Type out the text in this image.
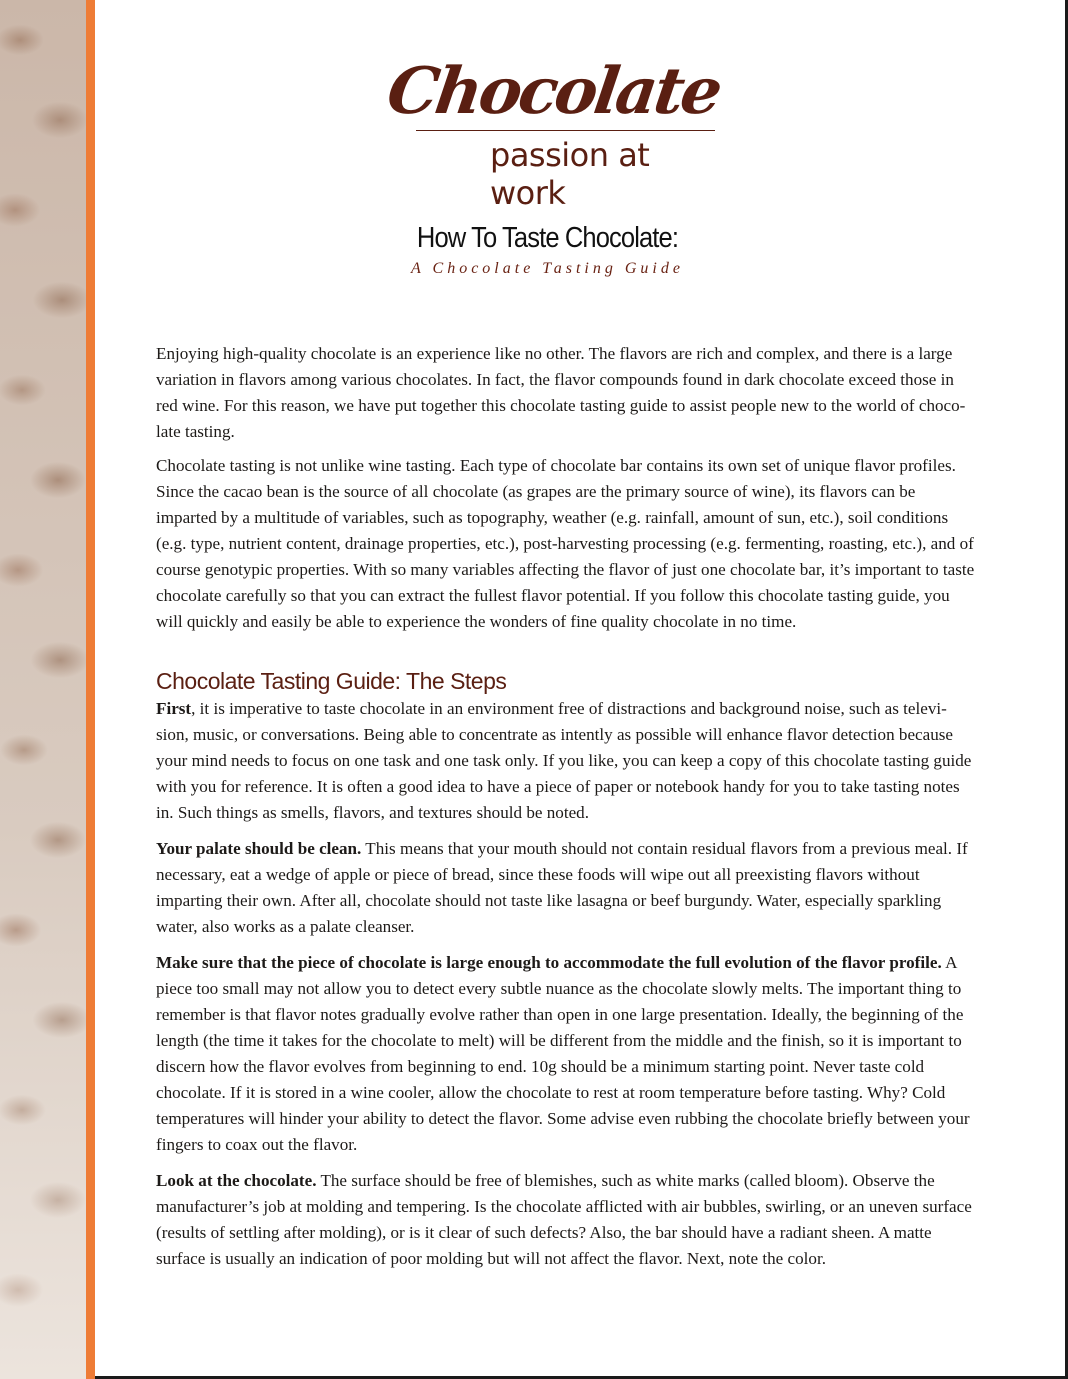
Chocolate
passion at work
How To Taste Chocolate:
A Chocolate Tasting Guide

Enjoying high-quality chocolate is an experience like no other. The flavors are rich and complex, and there is a large variation in flavors among various chocolates. In fact, the flavor compounds found in dark chocolate exceed those in red wine. For this reason, we have put together this chocolate tasting guide to assist people new to the world of choco-late tasting.

Chocolate tasting is not unlike wine tasting. Each type of chocolate bar contains its own set of unique flavor profiles. Since the cacao bean is the source of all chocolate (as grapes are the primary source of wine), its flavors can be imparted by a multitude of variables, such as topography, weather (e.g. rainfall, amount of sun, etc.), soil conditions (e.g. type, nutrient content, drainage properties, etc.), post-harvesting processing (e.g. fermenting, roasting, etc.), and of course genotypic properties. With so many variables affecting the flavor of just one chocolate bar, it’s important to taste chocolate carefully so that you can extract the fullest flavor potential. If you follow this chocolate tasting guide, you will quickly and easily be able to experience the wonders of fine quality chocolate in no time.

Chocolate Tasting Guide: The Steps

First, it is imperative to taste chocolate in an environment free of distractions and background noise, such as televi-sion, music, or conversations. Being able to concentrate as intently as possible will enhance flavor detection because your mind needs to focus on one task and one task only. If you like, you can keep a copy of this chocolate tasting guide with you for reference. It is often a good idea to have a piece of paper or notebook handy for you to take tasting notes in. Such things as smells, flavors, and textures should be noted.

Your palate should be clean. This means that your mouth should not contain residual flavors from a previous meal. If necessary, eat a wedge of apple or piece of bread, since these foods will wipe out all preexisting flavors without imparting their own. After all, chocolate should not taste like lasagna or beef burgundy. Water, especially sparkling water, also works as a palate cleanser.

Make sure that the piece of chocolate is large enough to accommodate the full evolution of the flavor profile. A piece too small may not allow you to detect every subtle nuance as the chocolate slowly melts. The important thing to remember is that flavor notes gradually evolve rather than open in one large presentation. Ideally, the beginning of the length (the time it takes for the chocolate to melt) will be different from the middle and the finish, so it is important to discern how the flavor evolves from beginning to end. 10g should be a minimum starting point. Never taste cold chocolate. If it is stored in a wine cooler, allow the chocolate to rest at room temperature before tasting. Why? Cold temperatures will hinder your ability to detect the flavor. Some advise even rubbing the chocolate briefly between your fingers to coax out the flavor.

Look at the chocolate. The surface should be free of blemishes, such as white marks (called bloom). Observe the manufacturer’s job at molding and tempering. Is the chocolate afflicted with air bubbles, swirling, or an uneven surface (results of settling after molding), or is it clear of such defects? Also, the bar should have a radiant sheen. A matte surface is usually an indication of poor molding but will not affect the flavor. Next, note the color.
